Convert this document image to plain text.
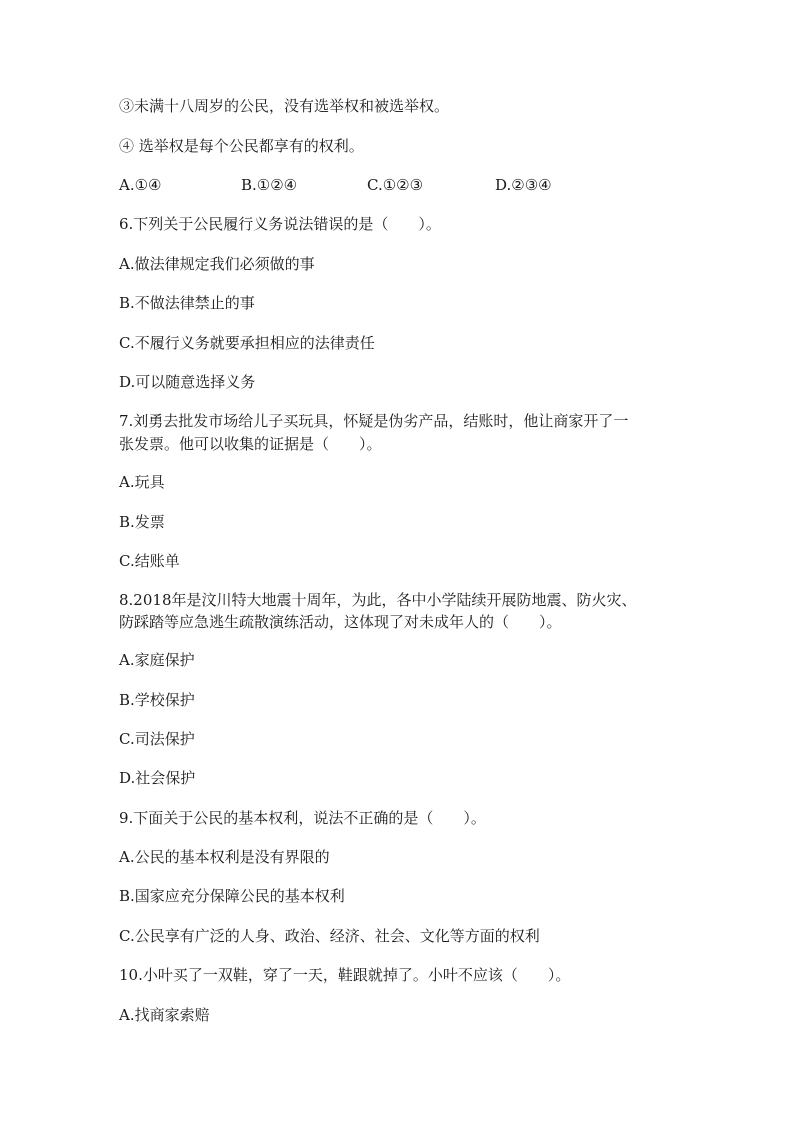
③未满十八周岁的公民，没有选举权和被选举权。
④ 选举权是每个公民都享有的权利。
A.①④	B.①②④	C.①②③	D.②③④
6.下列关于公民履行义务说法错误的是（　　）。
A.做法律规定我们必须做的事
B.不做法律禁止的事
C.不履行义务就要承担相应的法律责任
D.可以随意选择义务
7.刘勇去批发市场给儿子买玩具，怀疑是伪劣产品，结账时，他让商家开了一
张发票。他可以收集的证据是（　　）。
A.玩具
B.发票
C.结账单
8.2018年是汶川特大地震十周年，为此，各中小学陆续开展防地震、防火灾、
防踩踏等应急逃生疏散演练活动，这体现了对未成年人的（　　）。
A.家庭保护
B.学校保护
C.司法保护
D.社会保护
9.下面关于公民的基本权利，说法不正确的是（　　）。
A.公民的基本权利是没有界限的
B.国家应充分保障公民的基本权利
C.公民享有广泛的人身、政治、经济、社会、文化等方面的权利
10.小叶买了一双鞋，穿了一天，鞋跟就掉了。小叶不应该（　　）。
A.找商家索赔
